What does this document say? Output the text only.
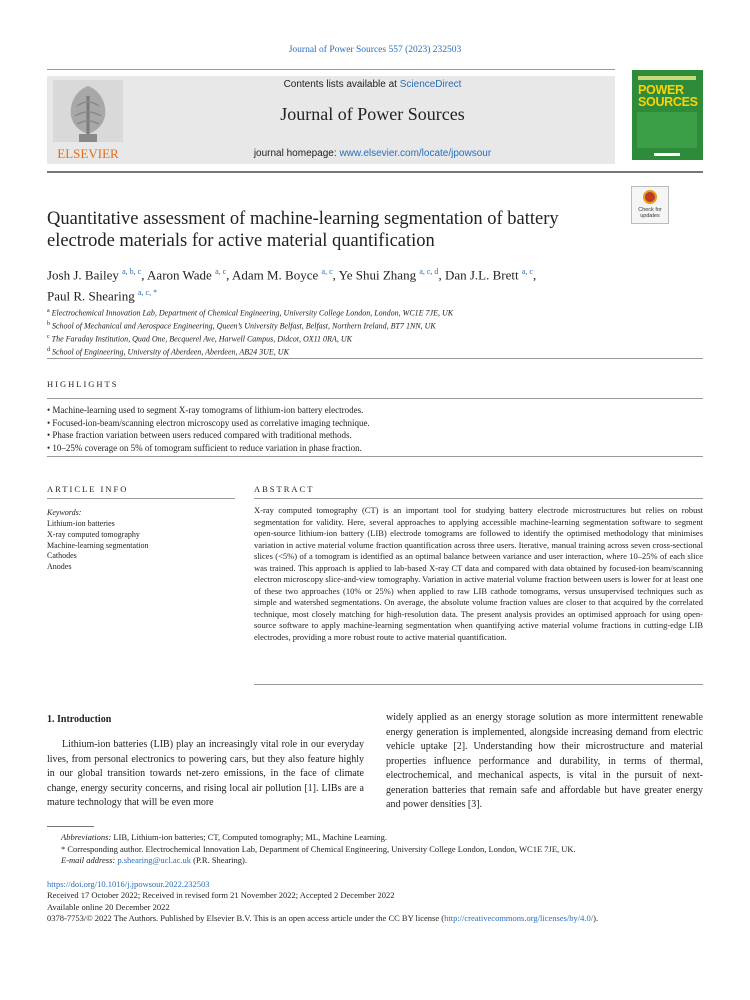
Journal of Power Sources 557 (2023) 232503
ELSEVIER
Contents lists available at ScienceDirect
Journal of Power Sources
journal homepage: www.elsevier.com/locate/jpowsour
POWER
SOURCES
Check for updates
Quantitative assessment of machine-learning segmentation of battery electrode materials for active material quantification
Josh J. Bailey $^{a, b, c}$, Aaron Wade $^{a, c}$, Adam M. Boyce $^{a, c}$, Ye Shui Zhang $^{a, c, d}$, Dan J.L. Brett $^{a, c}$,
Paul R. Shearing $^{a, c, *}$
$^a$ Electrochemical Innovation Lab, Department of Chemical Engineering, University College London, London, WC1E 7JE, UK
$^b$ School of Mechanical and Aerospace Engineering, Queen’s University Belfast, Belfast, Northern Ireland, BT7 1NN, UK
$^c$ The Faraday Institution, Quad One, Becquerel Ave, Harwell Campus, Didcot, OX11 0RA, UK
$^d$ School of Engineering, University of Aberdeen, Aberdeen, AB24 3UE, UK
HIGHLIGHTS
• Machine-learning used to segment X-ray tomograms of lithium-ion battery electrodes.
• Focused-ion-beam/scanning electron microscopy used as correlative imaging technique.
• Phase fraction variation between users reduced compared with traditional methods.
• 10–25% coverage on 5% of tomogram sufficient to reduce variation in phase fraction.
ARTICLE INFO	ABSTRACT
Keywords:
Lithium-ion batteries
X-ray computed tomography
Machine-learning segmentation
Cathodes
Anodes
X-ray computed tomography (CT) is an important tool for studying battery electrode microstructures but relies on robust segmentation for validity. Here, several approaches to applying accessible machine-learning segmentation software to segment open-source lithium-ion battery (LIB) electrode tomograms are followed to identify the optimised methodology that minimises variation in active material volume fraction quantification across three users. Iterative, manual training across seven cross-sectional slices (<5%) of a tomogram is identified as an optimal balance between variance and user interaction, where 10–25% of each slice was trained. This approach is applied to lab-based X-ray CT data and compared with data obtained by focused-ion beam/scanning electron microscopy slice-and-view tomography. Variation in active material volume fraction between users is lower for at least one of these two approaches (10% or 25%) when applied to raw LIB cathode tomograms, versus unsupervised techniques such as simple and watershed segmentations. On average, the absolute volume fraction values are closer to that acquired by the correlated technique, most closely matching for high-resolution data. The present analysis provides an optimised approach for using open-source software to apply machine-learning segmentation when quantifying active material volume fractions in cutting-edge LIB electrodes, providing a more robust route to active material quantification.
1. Introduction
Lithium-ion batteries (LIB) play an increasingly vital role in our everyday lives, from personal electronics to powering cars, but they also feature highly in our global transition towards net-zero emissions, in the face of climate change, energy security concerns, and rising local air pollution [1]. LIBs are a mature technology that will be even more
widely applied as an energy storage solution as more intermittent renewable energy generation is implemented, alongside increasing demand from electric vehicle uptake [2]. Understanding how their microstructure and material properties influence performance and durability, in terms of thermal, electrochemical, and mechanical aspects, is vital in the pursuit of next-generation batteries that remain safe and affordable but have greater energy and power densities [3].
Abbreviations: LIB, Lithium-ion batteries; CT, Computed tomography; ML, Machine Learning.
* Corresponding author. Electrochemical Innovation Lab, Department of Chemical Engineering, University College London, London, WC1E 7JE, UK.
E-mail address: p.shearing@ucl.ac.uk (P.R. Shearing).
https://doi.org/10.1016/j.jpowsour.2022.232503
Received 17 October 2022; Received in revised form 21 November 2022; Accepted 2 December 2022
Available online 20 December 2022
0378-7753/© 2022 The Authors. Published by Elsevier B.V. This is an open access article under the CC BY license (http://creativecommons.org/licenses/by/4.0/).
